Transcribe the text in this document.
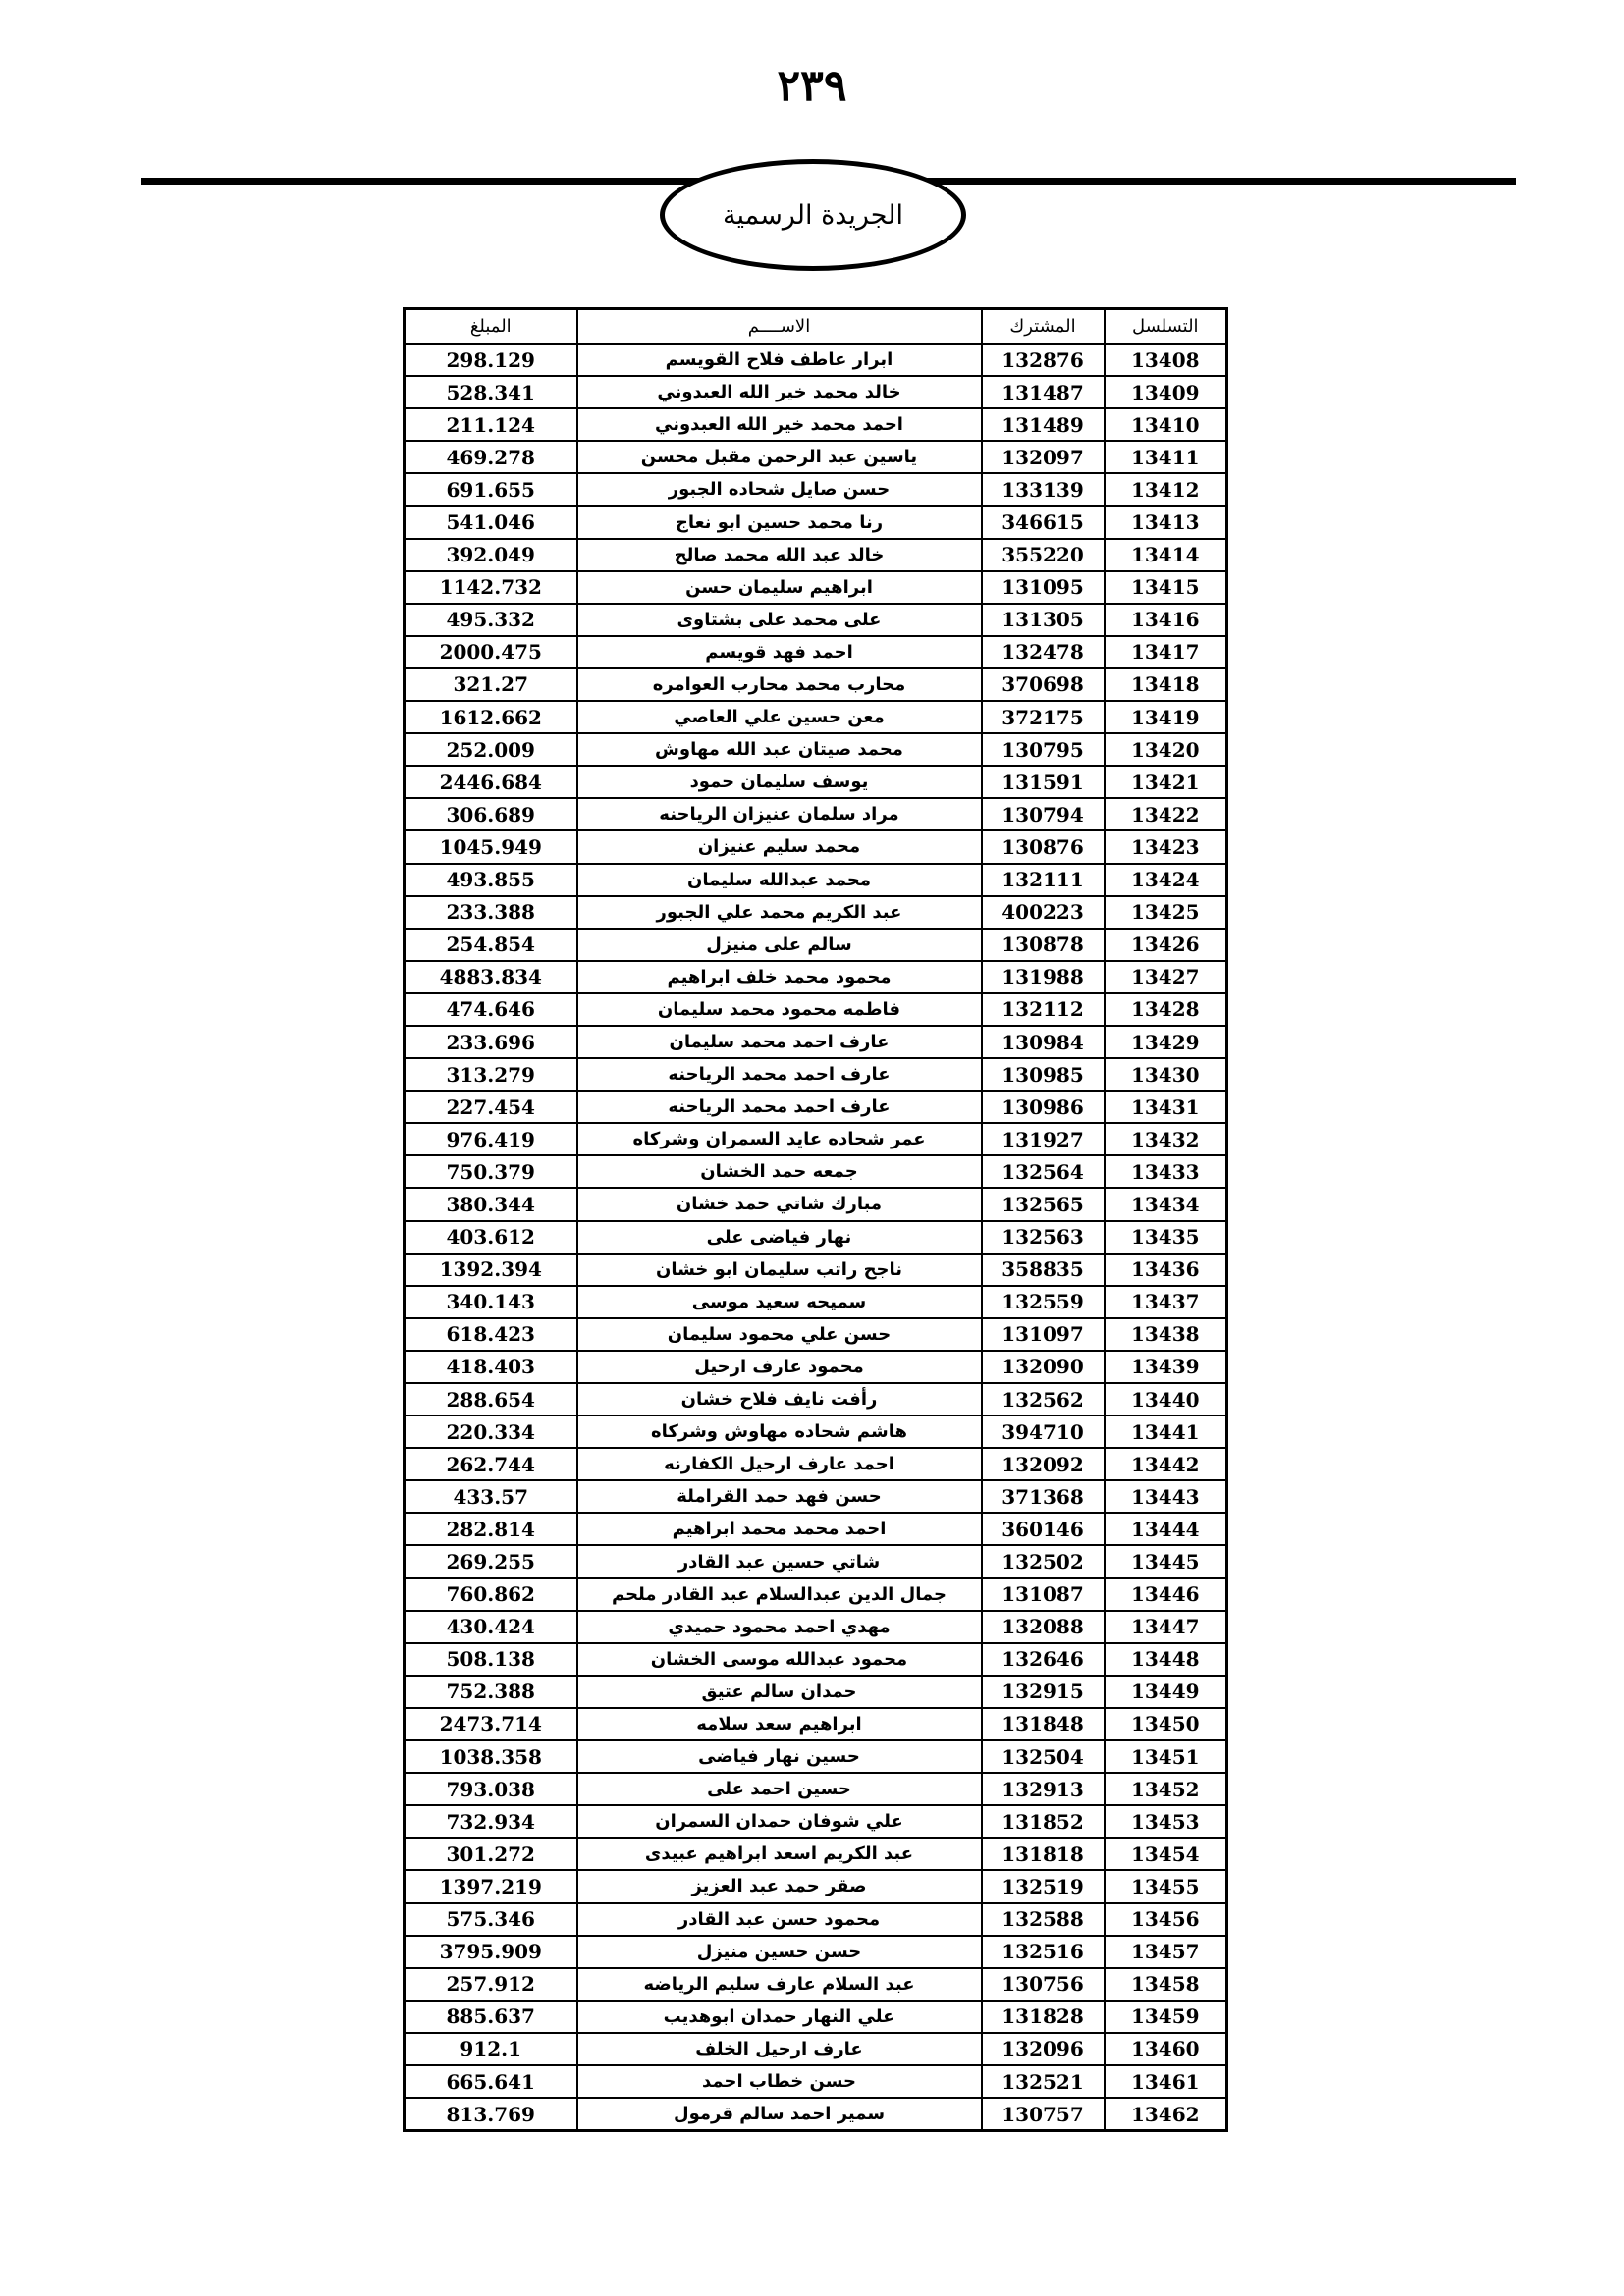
٢٣٩
الجريدة الرسمية
التسلسل	المشترك	الاســــم	المبلغ
13408	132876	ابرار عاطف فلاح القويسم	298.129
13409	131487	خالد محمد خير الله العبدوني	528.341
13410	131489	احمد محمد خير الله العبدوني	211.124
13411	132097	ياسين عبد الرحمن مقبل محسن	469.278
13412	133139	حسن صايل شحاده الجبور	691.655
13413	346615	رنا محمد حسين ابو نعاج	541.046
13414	355220	خالد عبد الله محمد صالح	392.049
13415	131095	ابراهيم سليمان حسن	1142.732
13416	131305	على محمد على بشتاوى	495.332
13417	132478	احمد فهد قويسم	2000.475
13418	370698	محارب محمد محارب العوامره	321.27
13419	372175	معن حسين علي العاصي	1612.662
13420	130795	محمد صيتان عبد الله مهاوش	252.009
13421	131591	يوسف سليمان حمود	2446.684
13422	130794	مراد سلمان عنيزان الرياحنه	306.689
13423	130876	محمد سليم عنيزان	1045.949
13424	132111	محمد عبدالله سليمان	493.855
13425	400223	عبد الكريم محمد علي الجبور	233.388
13426	130878	سالم على منيزل	254.854
13427	131988	محمود محمد خلف ابراهيم	4883.834
13428	132112	فاطمه محمود محمد سليمان	474.646
13429	130984	عارف احمد محمد سليمان	233.696
13430	130985	عارف احمد محمد الرياحنه	313.279
13431	130986	عارف احمد محمد الرياحنه	227.454
13432	131927	عمر شحاده عايد السمران وشركاه	976.419
13433	132564	جمعه حمد الخشان	750.379
13434	132565	مبارك شاتي حمد خشان	380.344
13435	132563	نهار فياضى على	403.612
13436	358835	ناجح راتب سليمان ابو خشان	1392.394
13437	132559	سميحه سعيد موسى	340.143
13438	131097	حسن علي محمود سليمان	618.423
13439	132090	محمود عارف ارحيل	418.403
13440	132562	رأفت نايف فلاح خشان	288.654
13441	394710	هاشم شحاده مهاوش وشركاه	220.334
13442	132092	احمد عارف ارحيل الكفارنه	262.744
13443	371368	حسن فهد حمد القراملة	433.57
13444	360146	احمد محمد محمد ابراهيم	282.814
13445	132502	شاتي حسين عبد القادر	269.255
13446	131087	جمال الدين عبدالسلام عبد القادر ملحم	760.862
13447	132088	مهدي احمد محمود حميدي	430.424
13448	132646	محمود عبدالله موسى الخشان	508.138
13449	132915	حمدان سالم عتيق	752.388
13450	131848	ابراهيم سعد سلامه	2473.714
13451	132504	حسين نهار فياضى	1038.358
13452	132913	حسين احمد على	793.038
13453	131852	علي شوفان حمدان السمران	732.934
13454	131818	عبد الكريم اسعد ابراهيم عبيدى	301.272
13455	132519	صقر حمد عبد العزيز	1397.219
13456	132588	محمود حسن عبد القادر	575.346
13457	132516	حسن حسين منيزل	3795.909
13458	130756	عبد السلام عارف سليم الرياضه	257.912
13459	131828	علي النهار حمدان ابوهديب	885.637
13460	132096	عارف ارحيل الخلف	912.1
13461	132521	حسن خطاب احمد	665.641
13462	130757	سمير احمد سالم قرمول	813.769
